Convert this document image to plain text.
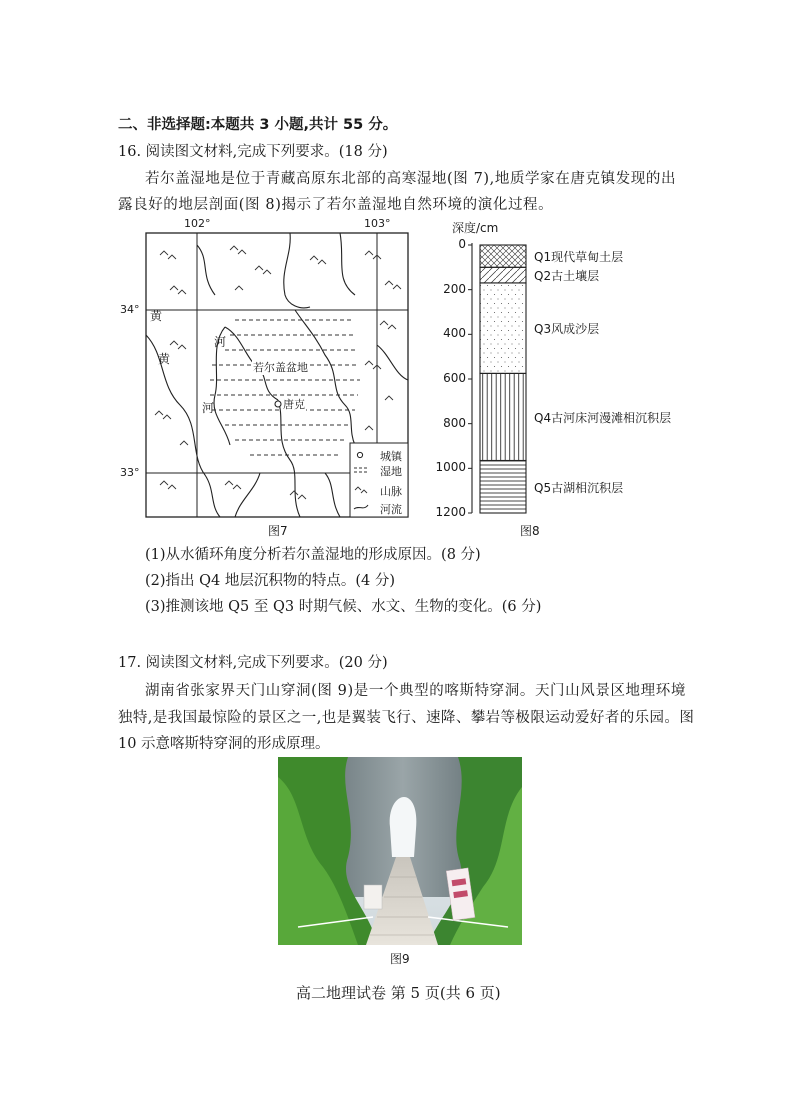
二、非选择题:本题共 3 小题,共计 55 分。
16. 阅读图文材料,完成下列要求。(18 分)
若尔盖湿地是位于青藏高原东北部的高寒湿地(图 7),地质学家在唐克镇发现的出
露良好的地层剖面(图 8)揭示了若尔盖湿地自然环境的演化过程。
102°	103°
34°
33°
黄
黄
河
河
若尔盖盆地
唐克
城镇
湿地
山脉
河流
图7
深度/cm
0
200
400
600
800
1000
1200
Q1现代草甸土层
Q2古土壤层
Q3风成沙层
Q4古河床河漫滩相沉积层
Q5古湖相沉积层
图8
(1)从水循环角度分析若尔盖湿地的形成原因。(8 分)
(2)指出 Q4 地层沉积物的特点。(4 分)
(3)推测该地 Q5 至 Q3 时期气候、水文、生物的变化。(6 分)
17. 阅读图文材料,完成下列要求。(20 分)
湖南省张家界天门山穿洞(图 9)是一个典型的喀斯特穿洞。天门山风景区地理环境
独特,是我国最惊险的景区之一,也是翼装飞行、速降、攀岩等极限运动爱好者的乐园。图
10 示意喀斯特穿洞的形成原理。
图9
高二地理试卷 第 5 页(共 6 页)
